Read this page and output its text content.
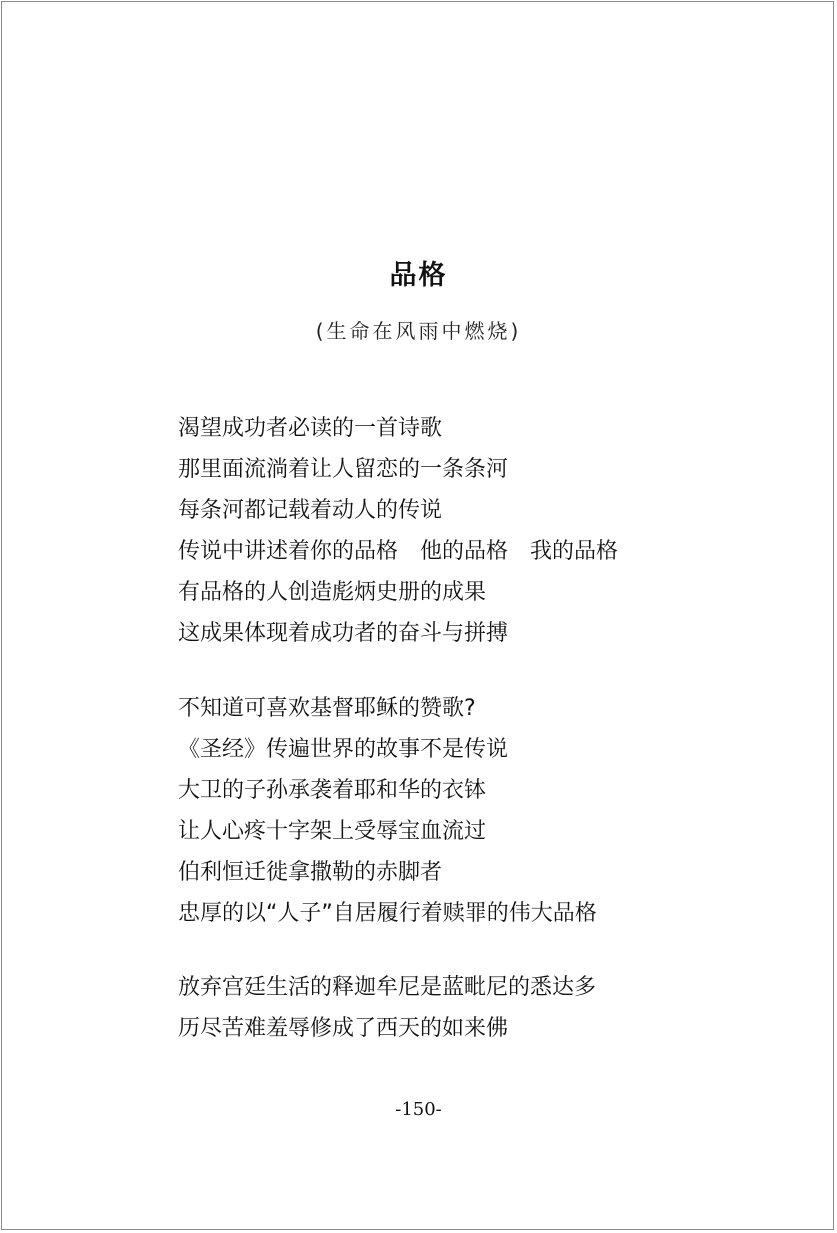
品格
(生命在风雨中燃烧)
渴望成功者必读的一首诗歌
那里面流淌着让人留恋的一条条河
每条河都记载着动人的传说
传说中讲述着你的品格　他的品格　我的品格
有品格的人创造彪炳史册的成果
这成果体现着成功者的奋斗与拼搏
不知道可喜欢基督耶稣的赞歌?
《圣经》传遍世界的故事不是传说
大卫的子孙承袭着耶和华的衣钵
让人心疼十字架上受辱宝血流过
伯利恒迁徙拿撒勒的赤脚者
忠厚的以“人子”自居履行着赎罪的伟大品格
放弃宫廷生活的释迦牟尼是蓝毗尼的悉达多
历尽苦难羞辱修成了西天的如来佛
-150-
